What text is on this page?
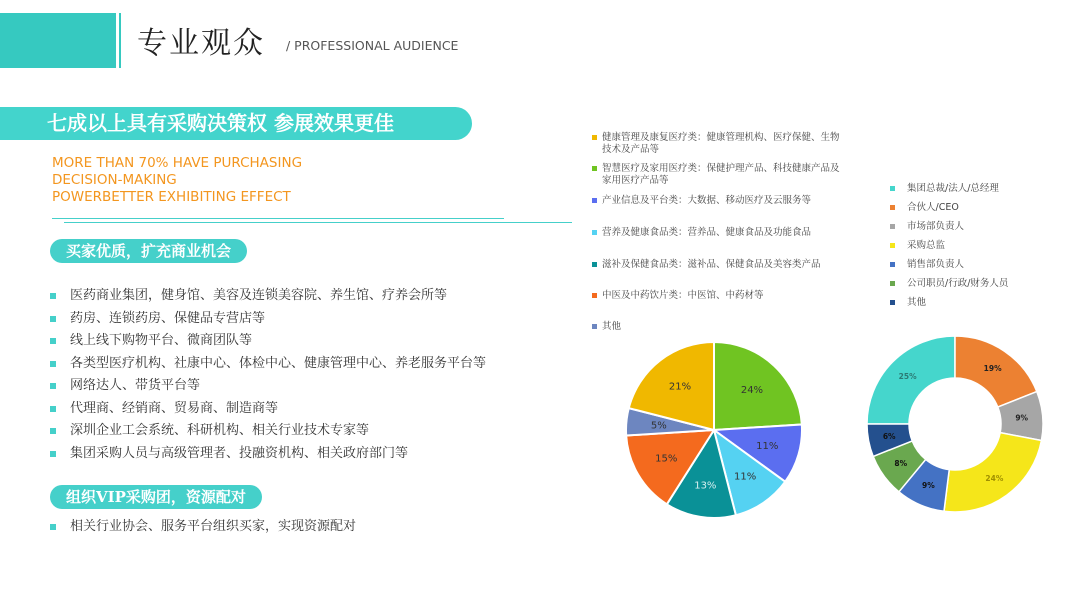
专业观众 / PROFESSIONAL AUDIENCE
七成以上具有采购决策权 参展效果更佳
MORE THAN 70% HAVE PURCHASING
DECISION-MAKING
POWERBETTER EXHIBITING EFFECT
买家优质，扩充商业机会
医药商业集团，健身馆、美容及连锁美容院、养生馆、疗养会所等
药房、连锁药房、保健品专营店等
线上线下购物平台、微商团队等
各类型医疗机构、社康中心、体检中心、健康管理中心、养老服务平台等
网络达人、带货平台等
代理商、经销商、贸易商、制造商等
深圳企业工会系统、科研机构、相关行业技术专家等
集团采购人员与高级管理者、投融资机构、相关政府部门等
组织VIP采购团，资源配对
相关行业协会、服务平台组织买家，实现资源配对
健康管理及康复医疗类：健康管理机构、医疗保健、生物技术及产品等
智慧医疗及家用医疗类：保健护理产品、科技健康产品及家用医疗产品等
产业信息及平台类：大数据、移动医疗及云服务等
营养及健康食品类：营养品、健康食品及功能食品
滋补及保健食品类：滋补品、保健食品及美容类产品
中医及中药饮片类：中医馆、中药材等
其他
集团总裁/法人/总经理
合伙人/CEO
市场部负责人
采购总监
销售部负责人
公司职员/行政/财务人员
其他
24%
11%
11%
13%
15%
5%
21%
25%
19%
9%
24%
9%
8%
6%
